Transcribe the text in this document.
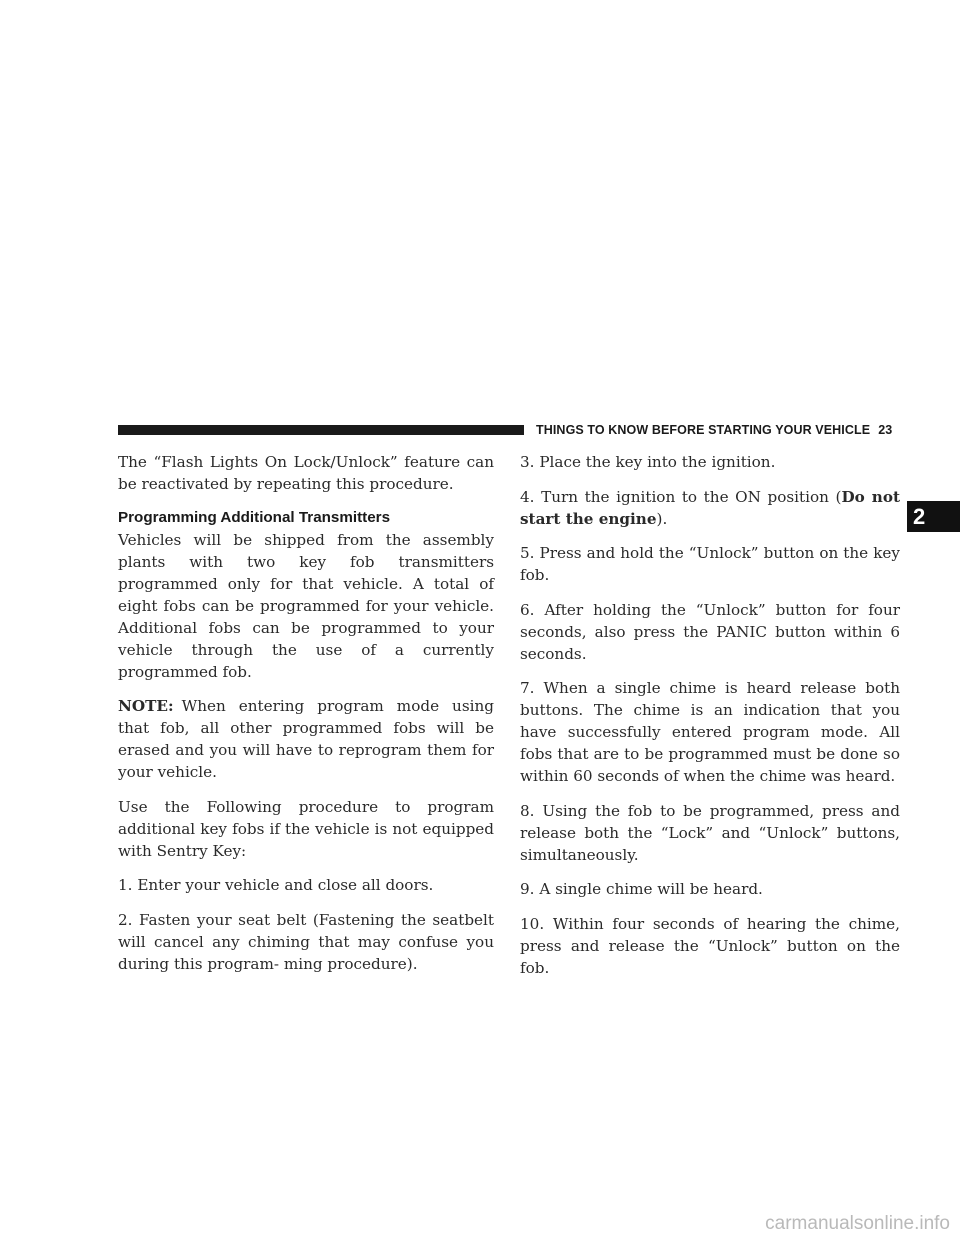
THINGS TO KNOW BEFORE STARTING YOUR VEHICLE 23
2

The “Flash Lights On Lock/Unlock” feature can be reactivated by repeating this procedure.

Programming Additional Transmitters

Vehicles will be shipped from the assembly plants with two key fob transmitters programmed only for that vehicle. A total of eight fobs can be programmed for your vehicle. Additional fobs can be programmed to your vehicle through the use of a currently programmed fob.

NOTE: When entering program mode using that fob, all other programmed fobs will be erased and you will have to reprogram them for your vehicle.

Use the Following procedure to program additional key fobs if the vehicle is not equipped with Sentry Key:

1. Enter your vehicle and close all doors.

2. Fasten your seat belt (Fastening the seatbelt will cancel any chiming that may confuse you during this program- ming procedure).

3. Place the key into the ignition.

4. Turn the ignition to the ON position (Do not start the engine).

5. Press and hold the “Unlock” button on the key fob.

6. After holding the “Unlock” button for four seconds, also press the PANIC button within 6 seconds.

7. When a single chime is heard release both buttons. The chime is an indication that you have successfully entered program mode. All fobs that are to be programmed must be done so within 60 seconds of when the chime was heard.

8. Using the fob to be programmed, press and release both the “Lock” and “Unlock” buttons, simultaneously.

9. A single chime will be heard.

10. Within four seconds of hearing the chime, press and release the “Unlock” button on the fob.

carmanualsonline.info
